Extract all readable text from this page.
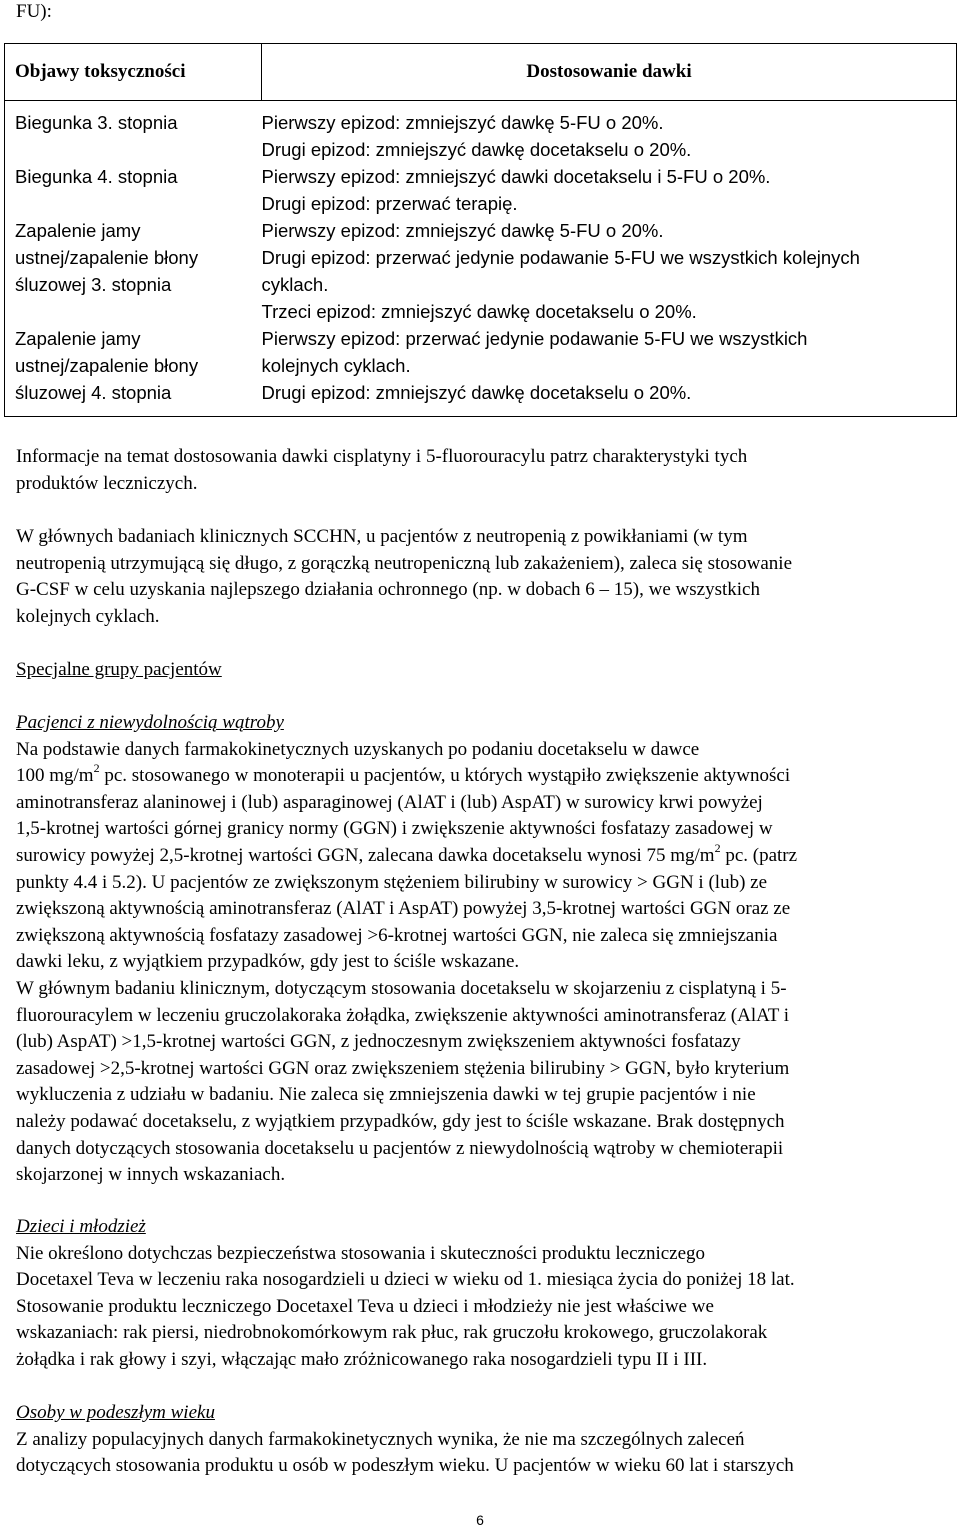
FU):
Objawy toksyczności	Dostosowanie dawki

Biegunka 3. stopnia	Pierwszy epizod: zmniejszyć dawkę 5-FU o 20%.
Drugi epizod: zmniejszyć dawkę docetakselu o 20%.

Biegunka 4. stopnia	Pierwszy epizod: zmniejszyć dawki docetakselu i 5-FU o 20%.
Drugi epizod: przerwać terapię.

Zapalenie jamy
ustnej/zapalenie błony
śluzowej 3. stopnia	Pierwszy epizod: zmniejszyć dawkę 5-FU o 20%.
Drugi epizod: przerwać jedynie podawanie 5-FU we wszystkich kolejnych
cyklach.
Trzeci epizod: zmniejszyć dawkę docetakselu o 20%.

Zapalenie jamy
ustnej/zapalenie błony
śluzowej 4. stopnia	Pierwszy epizod: przerwać jedynie podawanie 5-FU we wszystkich
kolejnych cyklach.
Drugi epizod: zmniejszyć dawkę docetakselu o 20%.
Informacje na temat dostosowania dawki cisplatyny i 5-fluorouracylu patrz charakterystyki tych
produktów leczniczych.
W głównych badaniach klinicznych SCCHN, u pacjentów z neutropenią z powikłaniami (w tym
neutropenią utrzymującą się długo, z gorączką neutropeniczną lub zakażeniem), zaleca się stosowanie
G-CSF w celu uzyskania najlepszego działania ochronnego (np. w dobach 6 – 15), we wszystkich
kolejnych cyklach.
Specjalne grupy pacjentów
Pacjenci z niewydolnością wątroby
Na podstawie danych farmakokinetycznych uzyskanych po podaniu docetakselu w dawce
100 $mg/m^2$ pc. stosowanego w monoterapii u pacjentów, u których wystąpiło zwiększenie aktywności
aminotransferaz alaninowej i (lub) asparaginowej (AlAT i (lub) AspAT) w surowicy krwi powyżej
1,5-krotnej wartości górnej granicy normy (GGN) i zwiększenie aktywności fosfatazy zasadowej w
surowicy powyżej 2,5-krotnej wartości GGN, zalecana dawka docetakselu wynosi 75 $mg/m^2$ pc. (patrz
punkty 4.4 i 5.2). U pacjentów ze zwiększonym stężeniem bilirubiny w surowicy > GGN i (lub) ze
zwiększoną aktywnością aminotransferaz (AlAT i AspAT) powyżej 3,5-krotnej wartości GGN oraz ze
zwiększoną aktywnością fosfatazy zasadowej >6-krotnej wartości GGN, nie zaleca się zmniejszania
dawki leku, z wyjątkiem przypadków, gdy jest to ściśle wskazane.
W głównym badaniu klinicznym, dotyczącym stosowania docetakselu w skojarzeniu z cisplatyną i 5-
fluorouracylem w leczeniu gruczolakoraka żołądka, zwiększenie aktywności aminotransferaz (AlAT i
(lub) AspAT) >1,5-krotnej wartości GGN, z jednoczesnym zwiększeniem aktywności fosfatazy
zasadowej >2,5-krotnej wartości GGN oraz zwiększeniem stężenia bilirubiny > GGN, było kryterium
wykluczenia z udziału w badaniu. Nie zaleca się zmniejszenia dawki w tej grupie pacjentów i nie
należy podawać docetakselu, z wyjątkiem przypadków, gdy jest to ściśle wskazane. Brak dostępnych
danych dotyczących stosowania docetakselu u pacjentów z niewydolnością wątroby w chemioterapii
skojarzonej w innych wskazaniach.
Dzieci i młodzież
Nie określono dotychczas bezpieczeństwa stosowania i skuteczności produktu leczniczego
Docetaxel Teva w leczeniu raka nosogardzieli u dzieci w wieku od 1. miesiąca życia do poniżej 18 lat.
Stosowanie produktu leczniczego Docetaxel Teva u dzieci i młodzieży nie jest właściwe we
wskazaniach: rak piersi, niedrobnokomórkowym rak płuc, rak gruczołu krokowego, gruczolakorak
żołądka i rak głowy i szyi, włączając mało zróżnicowanego raka nosogardzieli typu II i III.
Osoby w podeszłym wieku
Z analizy populacyjnych danych farmakokinetycznych wynika, że nie ma szczególnych zaleceń
dotyczących stosowania produktu u osób w podeszłym wieku. U pacjentów w wieku 60 lat i starszych
6
